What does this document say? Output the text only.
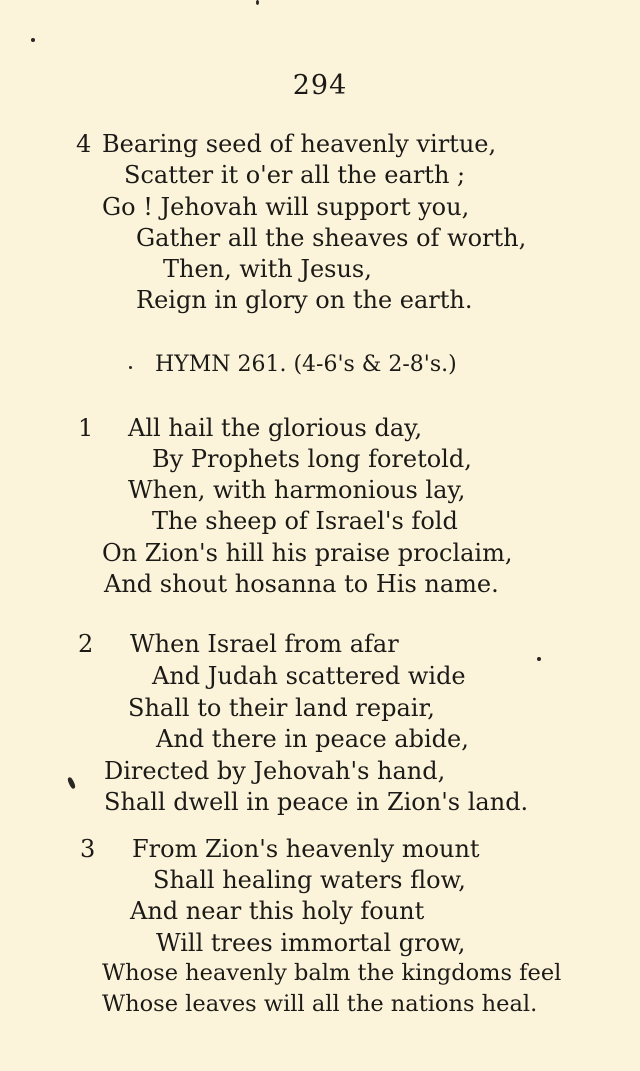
294
4 Bearing seed of heavenly virtue,
Scatter it o'er all the earth ;
Go ! Jehovah will support you,
Gather all the sheaves of worth,
Then, with Jesus,
Reign in glory on the earth.
HYMN 261. (4-6's & 2-8's.)
1 All hail the glorious day,
By Prophets long foretold,
When, with harmonious lay,
The sheep of Israel's fold
On Zion's hill his praise proclaim,
And shout hosanna to His name.
2 When Israel from afar
And Judah scattered wide
Shall to their land repair,
And there in peace abide,
Directed by Jehovah's hand,
Shall dwell in peace in Zion's land.
3 From Zion's heavenly mount
Shall healing waters flow,
And near this holy fount
Will trees immortal grow,
Whose heavenly balm the kingdoms feel
Whose leaves will all the nations heal.
